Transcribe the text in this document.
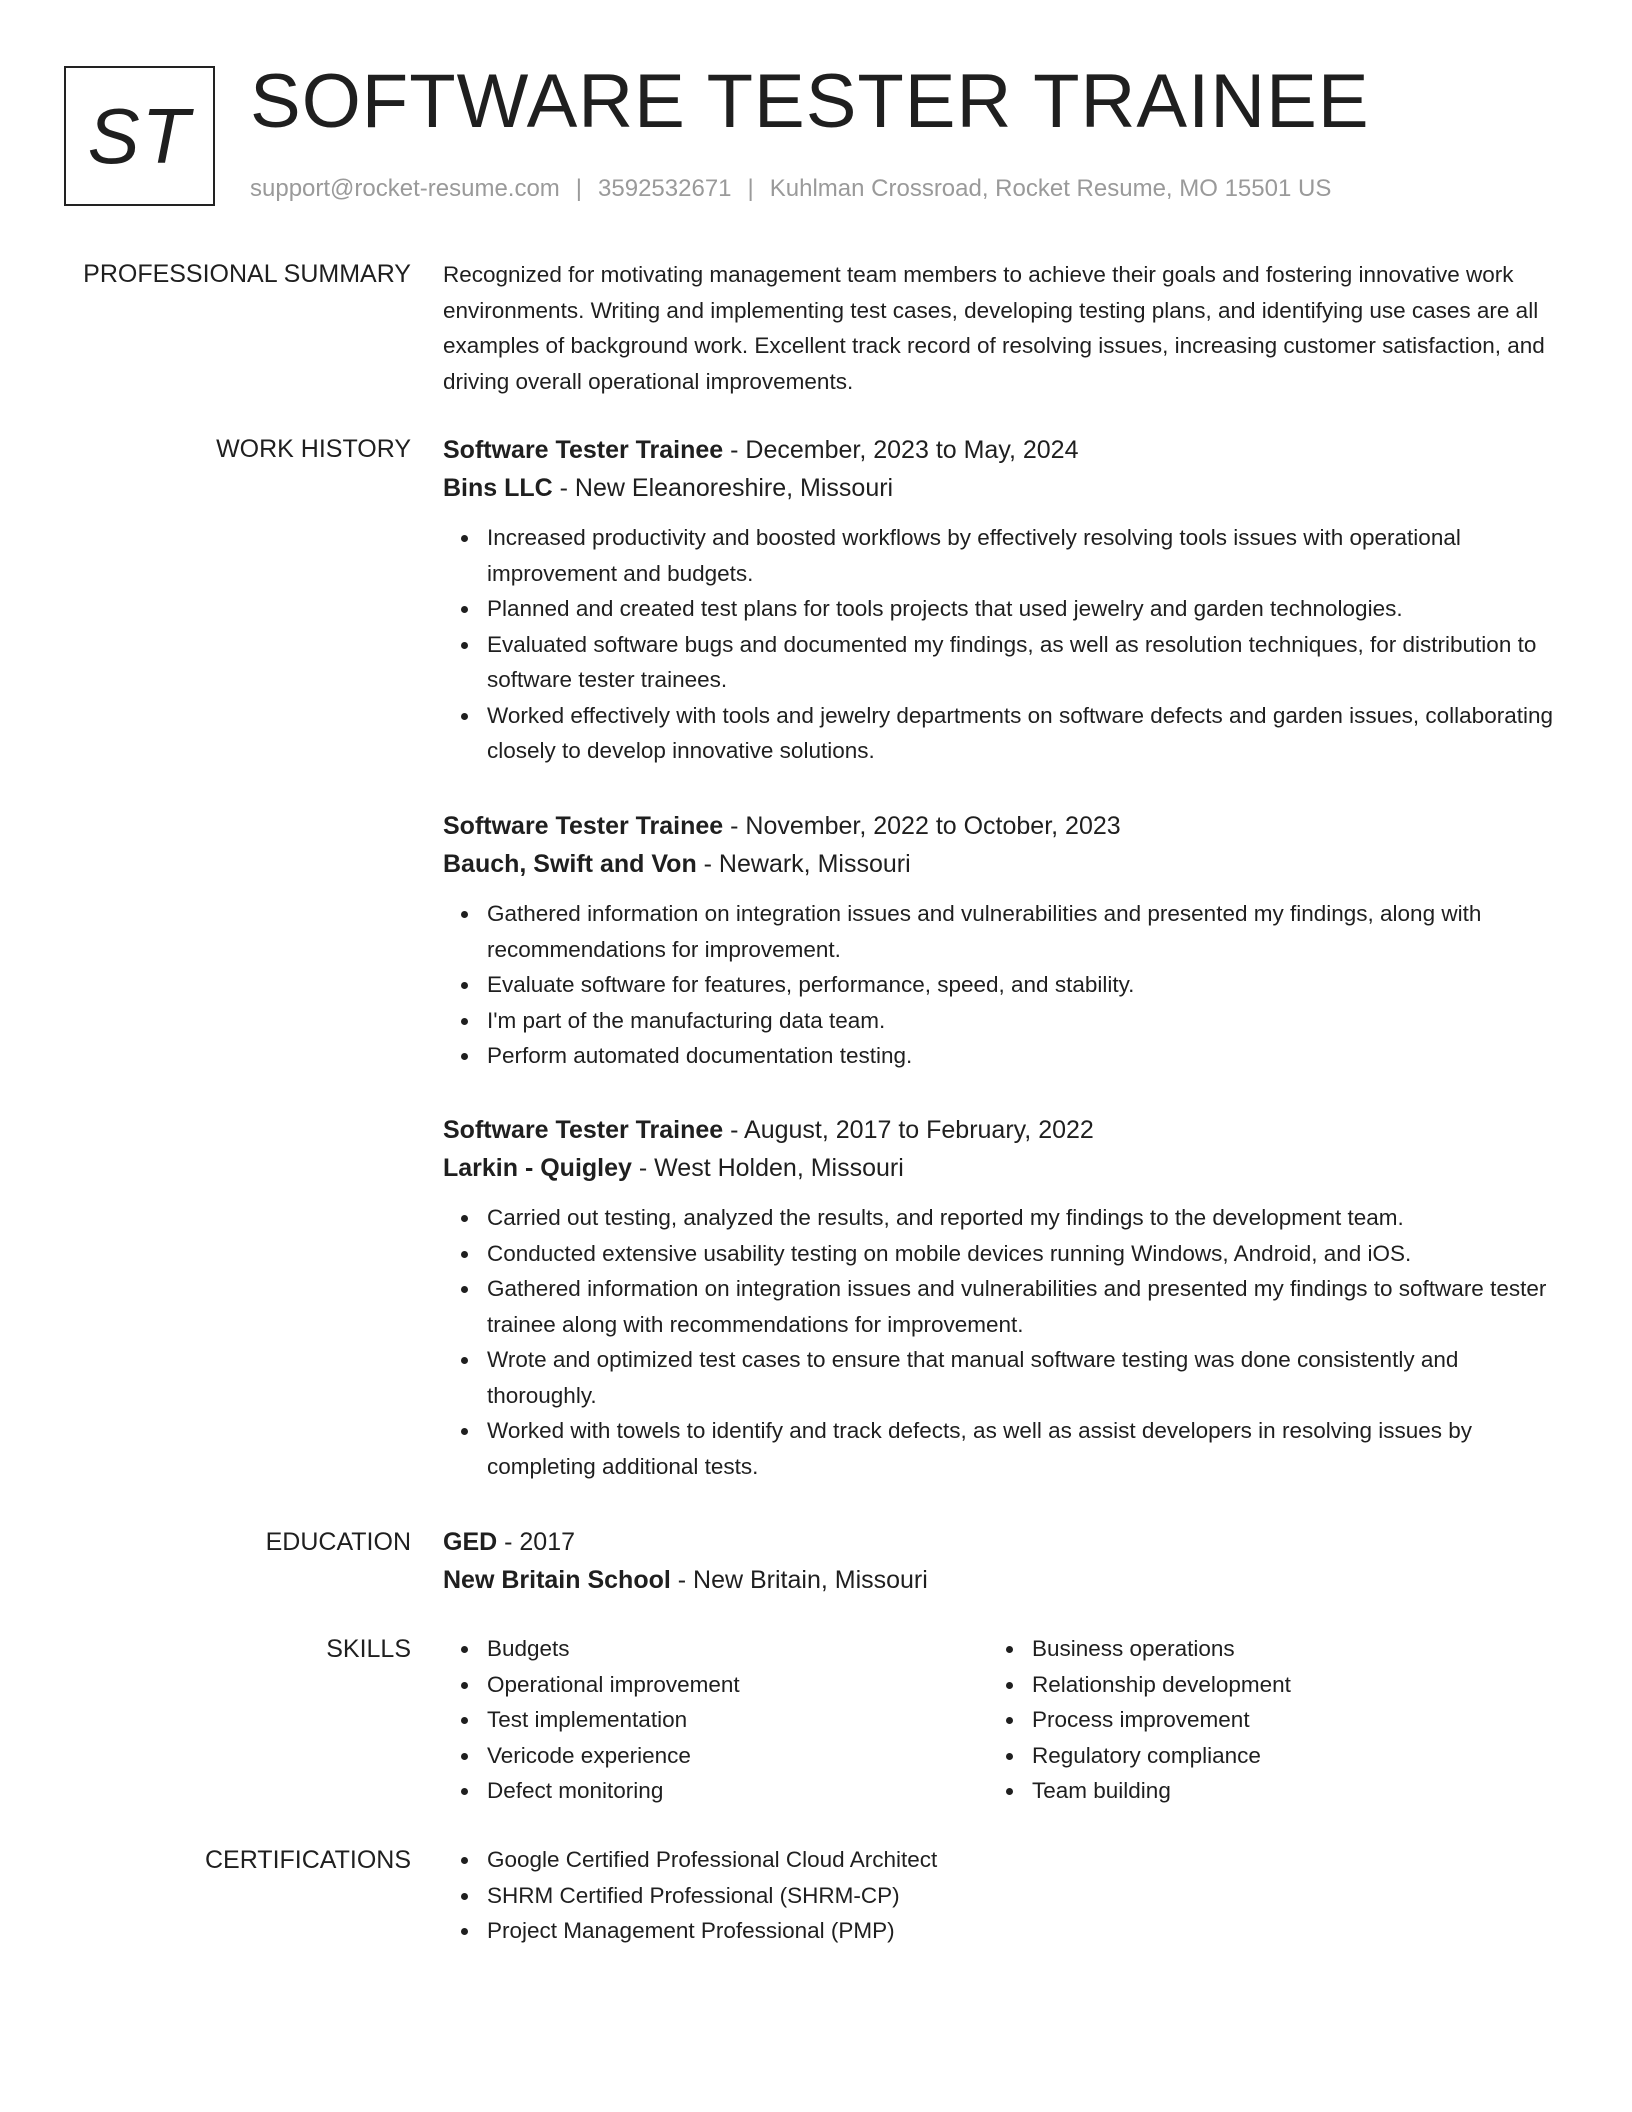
ST SOFTWARE TESTER TRAINEE
support@rocket-resume.com | 3592532671 | Kuhlman Crossroad, Rocket Resume, MO 15501 US
PROFESSIONAL SUMMARY Recognized for motivating management team members to achieve their goals and fostering innovative work environments. Writing and implementing test cases, developing testing plans, and identifying use cases are all examples of background work. Excellent track record of resolving issues, increasing customer satisfaction, and driving overall operational improvements.
WORK HISTORY Software Tester Trainee - December, 2023 to May, 2024
Bins LLC - New Eleanoreshire, Missouri
Increased productivity and boosted workflows by effectively resolving tools issues with operational improvement and budgets.
Planned and created test plans for tools projects that used jewelry and garden technologies.
Evaluated software bugs and documented my findings, as well as resolution techniques, for distribution to software tester trainees.
Worked effectively with tools and jewelry departments on software defects and garden issues, collaborating closely to develop innovative solutions.
Software Tester Trainee - November, 2022 to October, 2023
Bauch, Swift and Von - Newark, Missouri
Gathered information on integration issues and vulnerabilities and presented my findings, along with recommendations for improvement.
Evaluate software for features, performance, speed, and stability.
I'm part of the manufacturing data team.
Perform automated documentation testing.
Software Tester Trainee - August, 2017 to February, 2022
Larkin - Quigley - West Holden, Missouri
Carried out testing, analyzed the results, and reported my findings to the development team.
Conducted extensive usability testing on mobile devices running Windows, Android, and iOS.
Gathered information on integration issues and vulnerabilities and presented my findings to software tester trainee along with recommendations for improvement.
Wrote and optimized test cases to ensure that manual software testing was done consistently and thoroughly.
Worked with towels to identify and track defects, as well as assist developers in resolving issues by completing additional tests.
EDUCATION GED - 2017
New Britain School - New Britain, Missouri
SKILLS	Budgets
Operational improvement
Test implementation
Vericode experience
Defect monitoring
Business operations
Relationship development
Process improvement
Regulatory compliance
Team building
CERTIFICATIONS	Google Certified Professional Cloud Architect
SHRM Certified Professional (SHRM-CP)
Project Management Professional (PMP)
